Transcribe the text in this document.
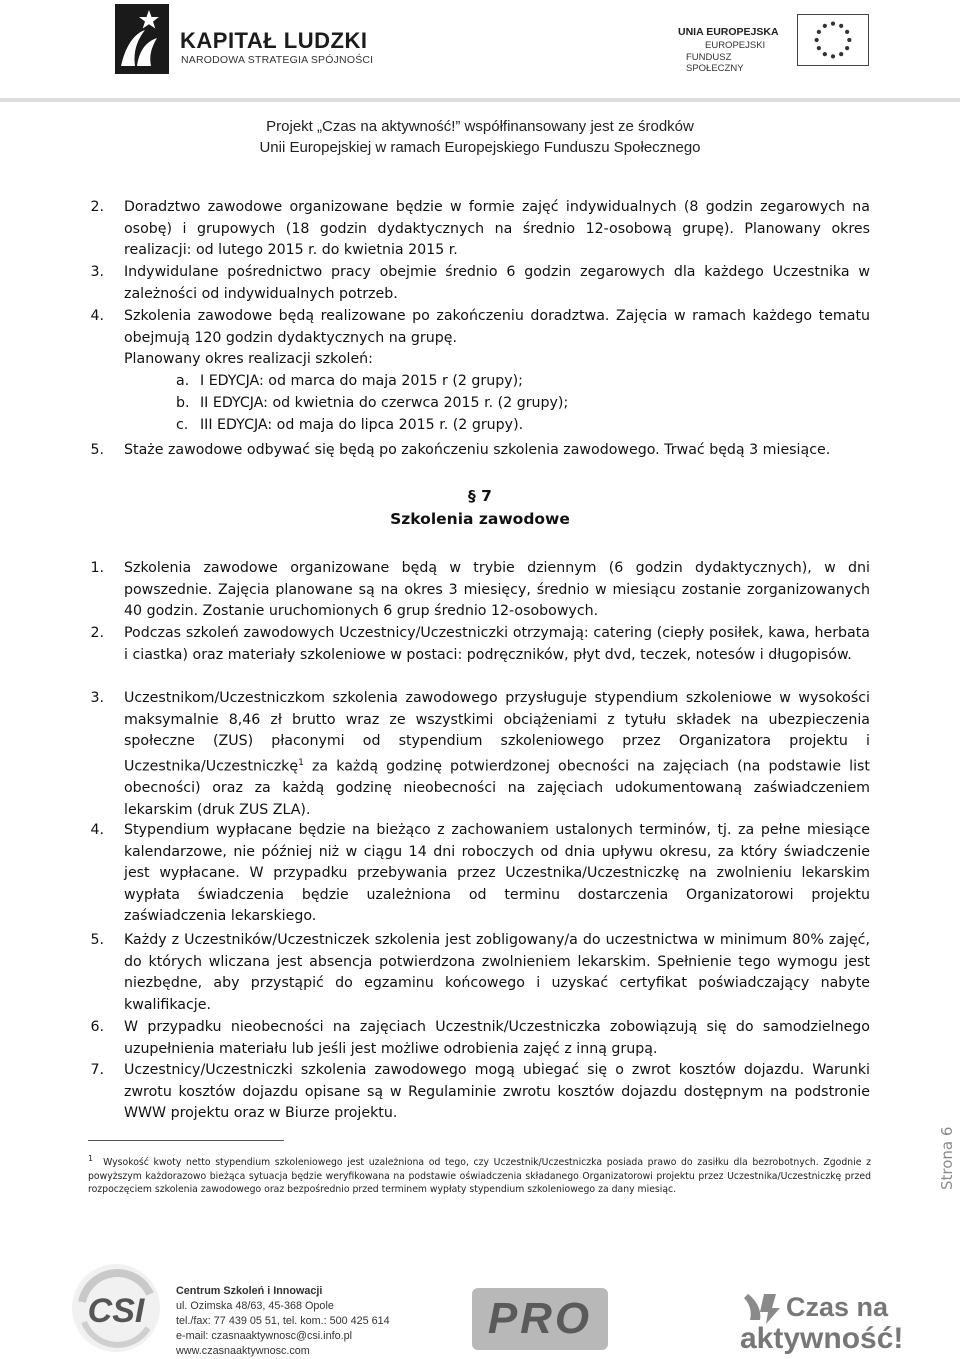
KAPITAŁ LUDZKI
NARODOWA STRATEGIA SPÓJNOŚCI
UNIA EUROPEJSKA
EUROPEJSKI
FUNDUSZ SPOŁECZNY
Projekt „Czas na aktywność!” współfinansowany jest ze środków
Unii Europejskiej w ramach Europejskiego Funduszu Społecznego
2. Doradztwo zawodowe organizowane będzie w formie zajęć indywidualnych (8 godzin zegarowych na osobę) i grupowych (18 godzin dydaktycznych na średnio 12-osobową grupę). Planowany okres realizacji: od lutego 2015 r. do kwietnia 2015 r.
3. Indywidulane pośrednictwo pracy obejmie średnio 6 godzin zegarowych dla każdego Uczestnika w zależności od indywidualnych potrzeb.
4. Szkolenia zawodowe będą realizowane po zakończeniu doradztwa. Zajęcia w ramach każdego tematu obejmują 120 godzin dydaktycznych na grupę.
Planowany okres realizacji szkoleń:
a. I EDYCJA: od marca do maja 2015 r (2 grupy);
b. II EDYCJA: od kwietnia do czerwca 2015 r. (2 grupy);
c. III EDYCJA: od maja do lipca 2015 r. (2 grupy).
5. Staże zawodowe odbywać się będą po zakończeniu szkolenia zawodowego. Trwać będą 3 miesiące.
§ 7
Szkolenia zawodowe
1. Szkolenia zawodowe organizowane będą w trybie dziennym (6 godzin dydaktycznych), w dni powszednie. Zajęcia planowane są na okres 3 miesięcy, średnio w miesiącu zostanie zorganizowanych 40 godzin. Zostanie uruchomionych 6 grup średnio 12-osobowych.
2. Podczas szkoleń zawodowych Uczestnicy/Uczestniczki otrzymają: catering (ciepły posiłek, kawa, herbata i ciastka) oraz materiały szkoleniowe w postaci: podręczników, płyt dvd, teczek, notesów i długopisów.
3. Uczestnikom/Uczestniczkom szkolenia zawodowego przysługuje stypendium szkoleniowe w wysokości maksymalnie 8,46 zł brutto wraz ze wszystkimi obciążeniami z tytułu składek na ubezpieczenia społeczne (ZUS) płaconymi od stypendium szkoleniowego przez Organizatora projektu i Uczestnika/Uczestniczkę$^1$ za każdą godzinę potwierdzonej obecności na zajęciach (na podstawie list obecności) oraz za każdą godzinę nieobecności na zajęciach udokumentowaną zaświadczeniem lekarskim (druk ZUS ZLA).
4. Stypendium wypłacane będzie na bieżąco z zachowaniem ustalonych terminów, tj. za pełne miesiące kalendarzowe, nie później niż w ciągu 14 dni roboczych od dnia upływu okresu, za który świadczenie jest wypłacane. W przypadku przebywania przez Uczestnika/Uczestniczkę na zwolnieniu lekarskim wypłata świadczenia będzie uzależniona od terminu dostarczenia Organizatorowi projektu zaświadczenia lekarskiego.
5. Każdy z Uczestników/Uczestniczek szkolenia jest zobligowany/a do uczestnictwa w minimum 80% zajęć, do których wliczana jest absencja potwierdzona zwolnieniem lekarskim. Spełnienie tego wymogu jest niezbędne, aby przystąpić do egzaminu końcowego i uzyskać certyfikat poświadczający nabyte kwalifikacje.
6. W przypadku nieobecności na zajęciach Uczestnik/Uczestniczka zobowiązują się do samodzielnego uzupełnienia materiału lub jeśli jest możliwe odrobienia zajęć z inną grupą.
7. Uczestnicy/Uczestniczki szkolenia zawodowego mogą ubiegać się o zwrot kosztów dojazdu. Warunki zwrotu kosztów dojazdu opisane są w Regulaminie zwrotu kosztów dojazdu dostępnym na podstronie WWW projektu oraz w Biurze projektu.
$^1$ Wysokość kwoty netto stypendium szkoleniowego jest uzależniona od tego, czy Uczestnik/Uczestniczka posiada prawo do zasiłku dla bezrobotnych. Zgodnie z powyższym każdorazowo bieżąca sytuacja będzie weryfikowana na podstawie oświadczenia składanego Organizatorowi projektu przez Uczestnika/Uczestniczkę przed rozpoczęciem szkolenia zawodowego oraz bezpośrednio przed terminem wypłaty stypendium szkoleniowego za dany miesiąc.	Strona 6
CSI
Centrum Szkoleń i Innowacji
ul. Ozimska 48/63, 45-368 Opole
tel./fax: 77 439 05 51, tel. kom.: 500 425 614
e-mail: czasnaaktywnosc@csi.info.pl
www.czasnaaktywnosc.com
PRO	Czas na
aktywność!
